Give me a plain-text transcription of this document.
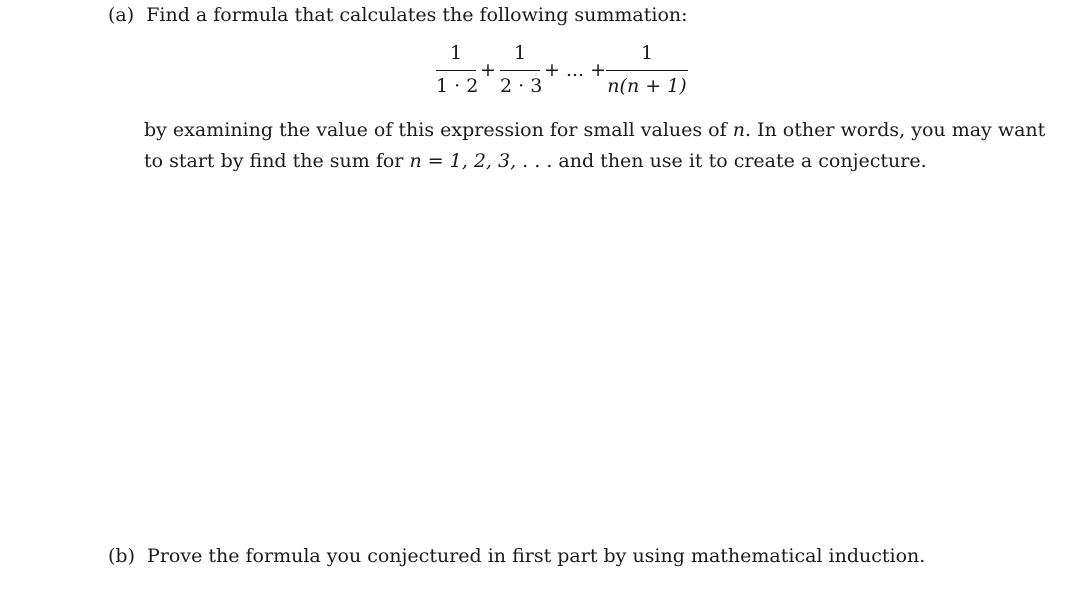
(a) Find a formula that calculates the following summation:
1
1 · 2
+
1
2 · 3
+ ... +
1
n(n + 1)
by examining the value of this expression for small values of n. In other words, you may want
to start by find the sum for n = 1, 2, 3, . . . and then use it to create a conjecture.
(b) Prove the formula you conjectured in first part by using mathematical induction.
